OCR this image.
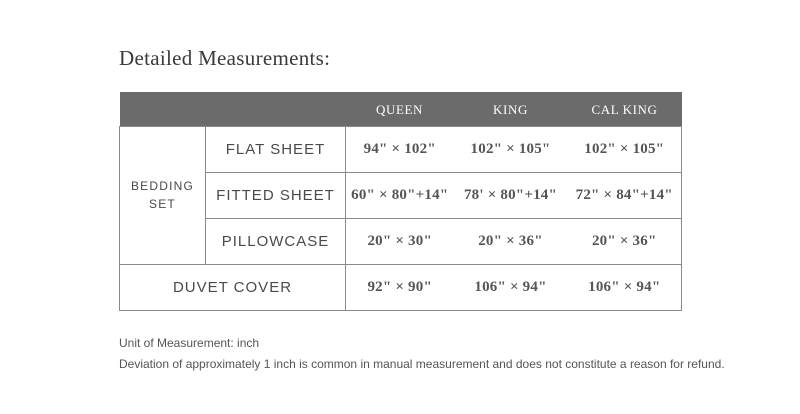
Detailed Measurements:
		QUEEN	KING	CAL KING
BEDDING
SET	FLAT SHEET	94" × 102"	102" × 105"	102" × 105"
	FITTED SHEET	60" × 80"+14"	78' × 80"+14"	72" × 84"+14"
	PILLOWCASE	20" × 30"	20" × 36"	20" × 36"
DUVET COVER		92" × 90"	106" × 94"	106" × 94"
Unit of Measurement: inch
Deviation of approximately 1 inch is common in manual measurement and does not constitute a reason for refund.
